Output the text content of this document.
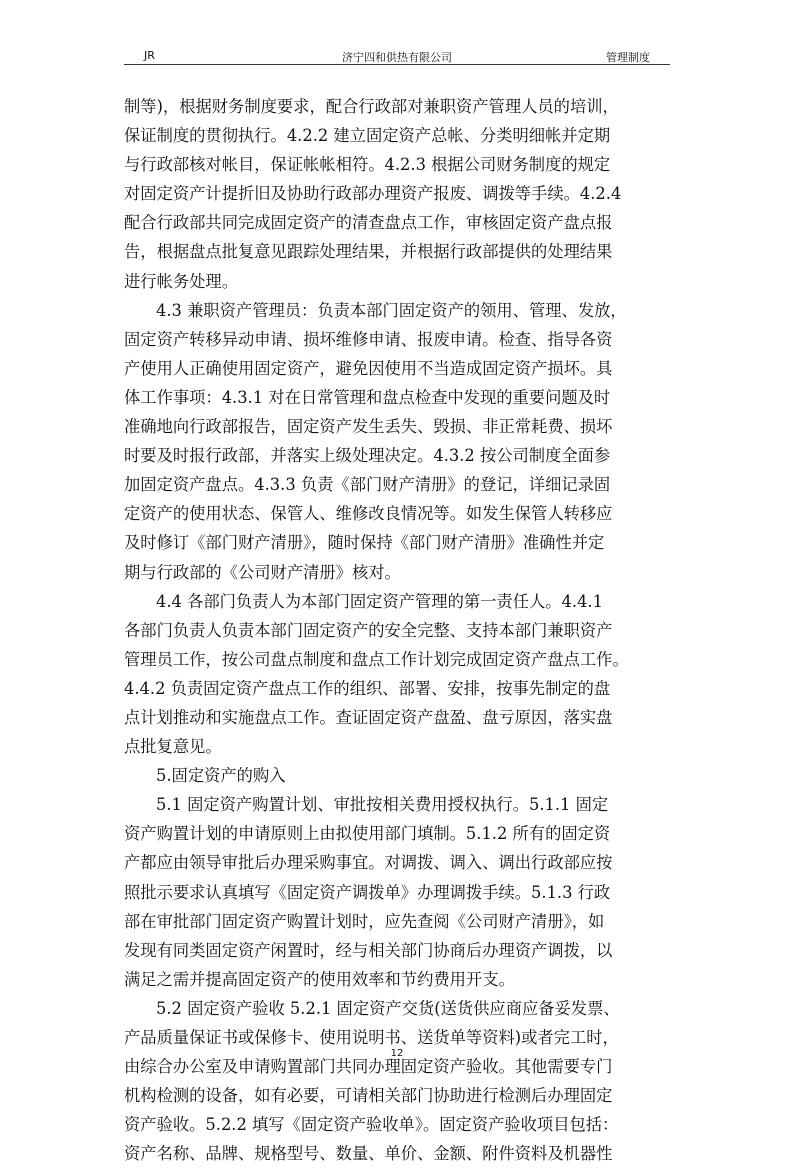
JR	济宁四和供热有限公司	管理制度

制等)，根据财务制度要求，配合行政部对兼职资产管理人员的培训，

保证制度的贯彻执行。4.2.2 建立固定资产总帐、分类明细帐并定期

与行政部核对帐目，保证帐帐相符。4.2.3 根据公司财务制度的规定

对固定资产计提折旧及协助行政部办理资产报废、调拨等手续。4.2.4

配合行政部共同完成固定资产的清查盘点工作，审核固定资产盘点报

告，根据盘点批复意见跟踪处理结果，并根据行政部提供的处理结果

进行帐务处理。

4.3 兼职资产管理员：负责本部门固定资产的领用、管理、发放，

固定资产转移异动申请、损坏维修申请、报废申请。检查、指导各资

产使用人正确使用固定资产，避免因使用不当造成固定资产损坏。具

体工作事项：4.3.1 对在日常管理和盘点检查中发现的重要问题及时

准确地向行政部报告，固定资产发生丢失、毁损、非正常耗费、损坏

时要及时报行政部，并落实上级处理决定。4.3.2 按公司制度全面参

加固定资产盘点。4.3.3 负责《部门财产清册》的登记，详细记录固

定资产的使用状态、保管人、维修改良情况等。如发生保管人转移应

及时修订《部门财产清册》，随时保持《部门财产清册》准确性并定

期与行政部的《公司财产清册》核对。

4.4 各部门负责人为本部门固定资产管理的第一责任人。4.4.1

各部门负责人负责本部门固定资产的安全完整、支持本部门兼职资产

管理员工作，按公司盘点制度和盘点工作计划完成固定资产盘点工作。

4.4.2 负责固定资产盘点工作的组织、部署、安排，按事先制定的盘

点计划推动和实施盘点工作。查证固定资产盘盈、盘亏原因，落实盘

点批复意见。

5.固定资产的购入

5.1 固定资产购置计划、审批按相关费用授权执行。5.1.1 固定

资产购置计划的申请原则上由拟使用部门填制。5.1.2 所有的固定资

产都应由领导审批后办理采购事宜。对调拨、调入、调出行政部应按

照批示要求认真填写《固定资产调拨单》办理调拨手续。5.1.3 行政

部在审批部门固定资产购置计划时，应先查阅《公司财产清册》，如

发现有同类固定资产闲置时，经与相关部门协商后办理资产调拨，以

满足之需并提高固定资产的使用效率和节约费用开支。

5.2 固定资产验收 5.2.1 固定资产交货(送货供应商应备妥发票、

产品质量保证书或保修卡、使用说明书、送货单等资料)或者完工时，

由综合办公室及申请购置部门共同办理固定资产验收。其他需要专门

机构检测的设备，如有必要，可请相关部门协助进行检测后办理固定

资产验收。5.2.2 填写《固定资产验收单》。固定资产验收项目包括：

资产名称、品牌、规格型号、数量、单价、金额、附件资料及机器性

12
